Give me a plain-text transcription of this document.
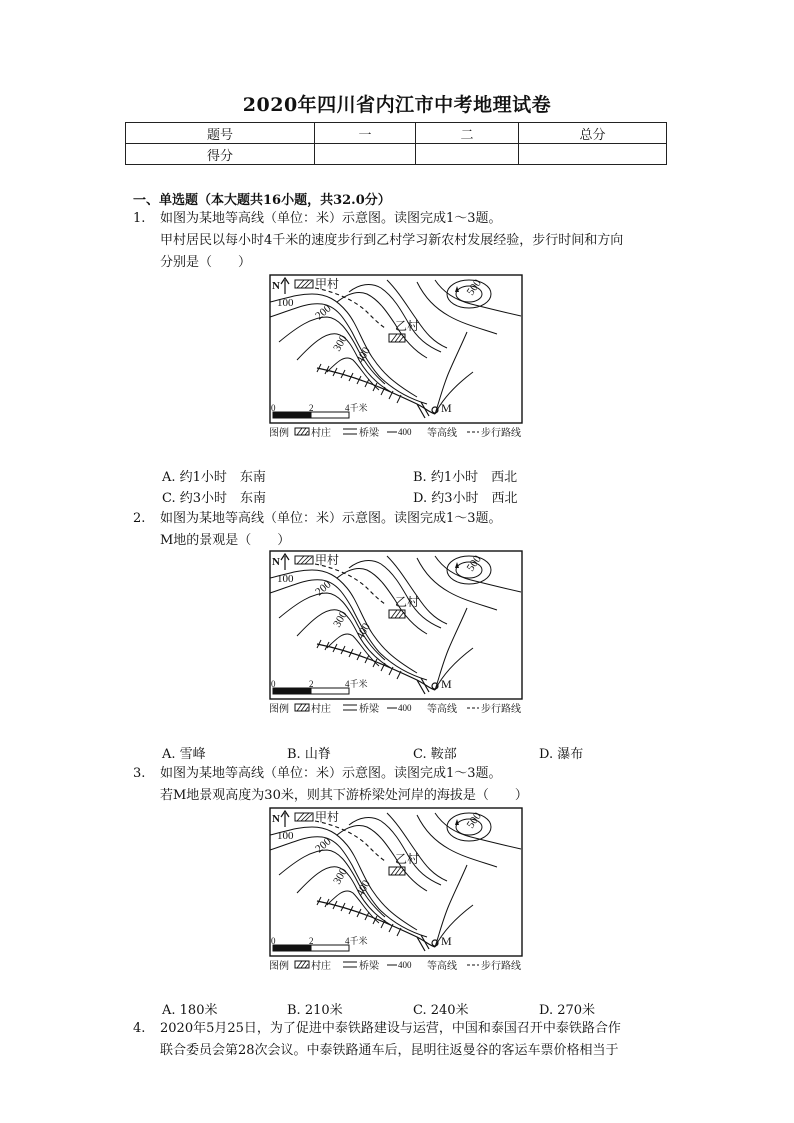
2020年四川省内江市中考地理试卷
题号	一	二	总分
得分			
一、单选题（本大题共16小题，共32.0分）
1. 如图为某地等高线（单位：米）示意图。读图完成1～3题。
甲村居民以每小时4千米的速度步行到乙村学习新农村发展经验，步行时间和方向
分别是（　　）
N	甲村
100
500
200
300
400
乙村
M
0	2	4千米
图例 村庄	桥梁 400 等高线 步行路线
A. 约1小时　东南	B. 约1小时　西北
C. 约3小时　东南	D. 约3小时　西北
2. 如图为某地等高线（单位：米）示意图。读图完成1～3题。
M地的景观是（　　）
N	甲村
100
500
200
300
400
乙村
M
0	2	4千米
图例 村庄	桥梁 400 等高线 步行路线
A. 雪峰	B. 山脊	C. 鞍部	D. 瀑布
3. 如图为某地等高线（单位：米）示意图。读图完成1～3题。
若M地景观高度为30米，则其下游桥梁处河岸的海拔是（　　）
N	甲村
100
500
200
300
400
乙村
M
0	2	4千米
图例 村庄	桥梁 400 等高线 步行路线
A. 180米	B. 210米	C. 240米	D. 270米
4. 2020年5月25日，为了促进中泰铁路建设与运营，中国和泰国召开中泰铁路合作
联合委员会第28次会议。中泰铁路通车后，昆明往返曼谷的客运车票价格相当于
